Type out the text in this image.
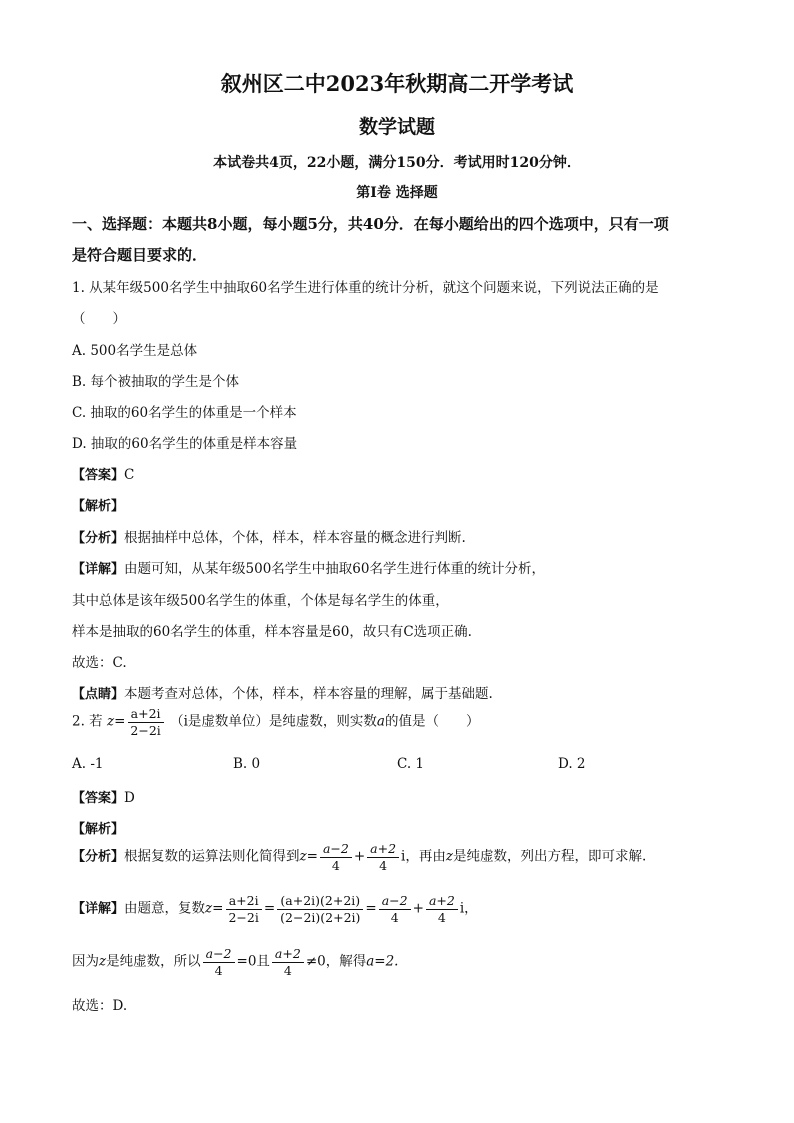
叙州区二中2023年秋期高二开学考试
数学试题
本试卷共4页，22小题，满分150分．考试用时120分钟．
第I卷 选择题
一、选择题：本题共8小题，每小题5分，共40分．在每小题给出的四个选项中，只有一项
是符合题目要求的．
1. 从某年级500名学生中抽取60名学生进行体重的统计分析，就这个问题来说，下列说法正确的是
（　　）
A. 500名学生是总体
B. 每个被抽取的学生是个体
C. 抽取的60名学生的体重是一个样本
D. 抽取的60名学生的体重是样本容量
【答案】C
【解析】
【分析】根据抽样中总体，个体，样本，样本容量的概念进行判断.
【详解】由题可知，从某年级500名学生中抽取60名学生进行体重的统计分析，
其中总体是该年级500名学生的体重，个体是每名学生的体重，
样本是抽取的60名学生的体重，样本容量是60，故只有C选项正确.
故选：C.
【点睛】本题考查对总体，个体，样本，样本容量的理解，属于基础题.
2. 若 $z= \frac{a+2i}{2-2i} (i$是虚数单位）是纯虚数，则实数a的值是（　　）
A. -1	B. 0	C. 1	D. 2
【答案】D
【解析】
【分析】根据复数的运算法则化简得到$z= \frac{a-2}{4} + \frac{a+2}{4}$ i，再由z是纯虚数，列出方程，即可求解.
【详解】由题意，复数$z= \frac{a+2i}{2-2i} = \frac{(a+2i)(2+2i)}{(2-2i)(2+2i)} = \frac{a-2}{4} + \frac{a+2}{4}$ i，
因为z是纯虚数，所以 $\frac{a-2}{4} =0$且 $\frac{a+2}{4} \ne 0$，解得a=2.
故选：D.
